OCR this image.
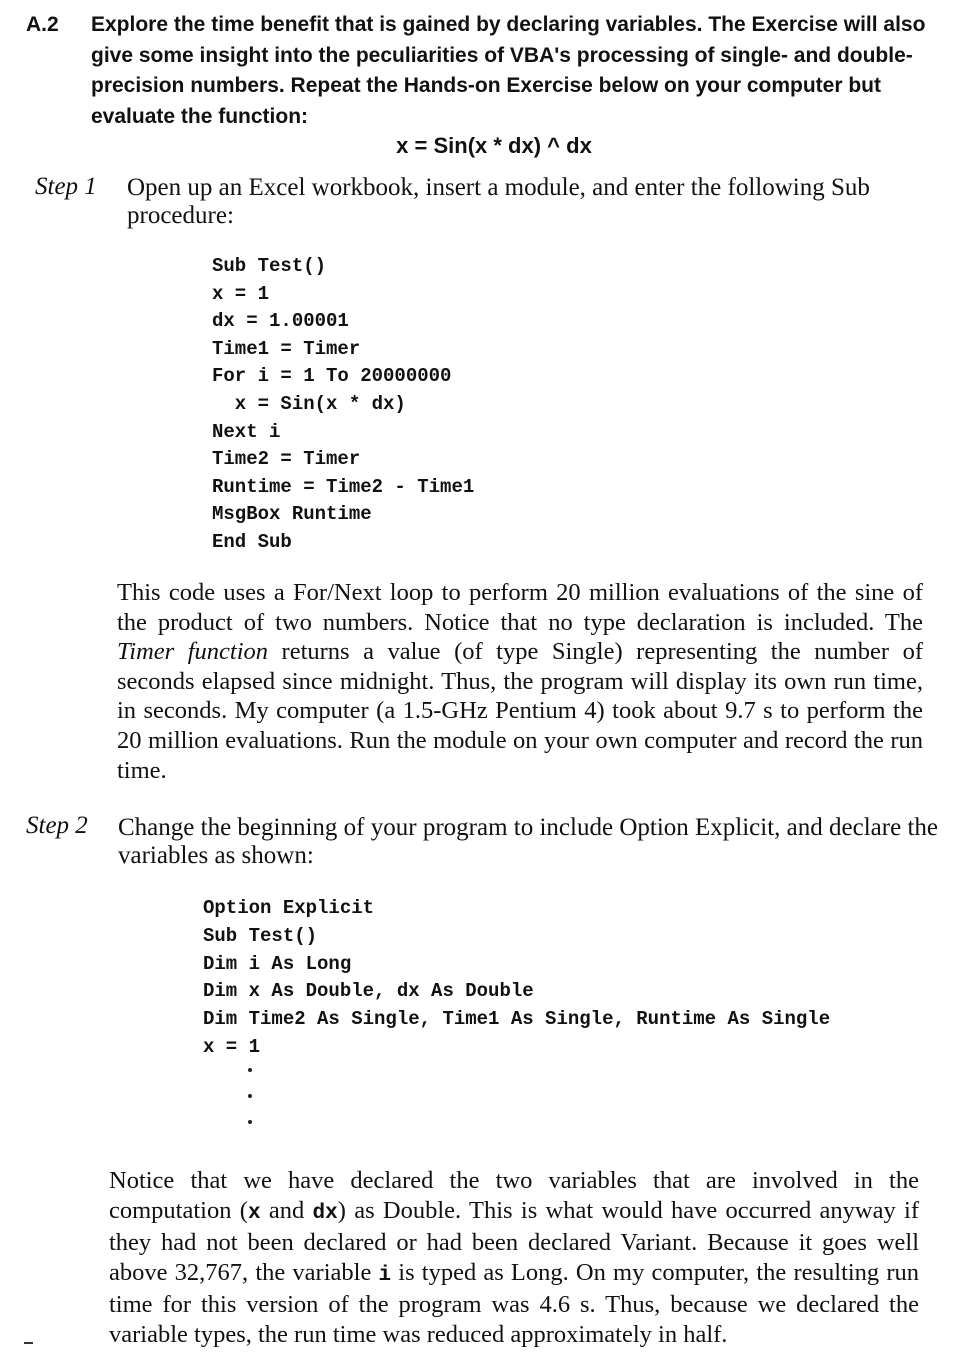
A.2 Explore the time benefit that is gained by declaring variables. The Exercise will also give some insight into the peculiarities of VBA's processing of single- and double-precision numbers. Repeat the Hands-on Exercise below on your computer but evaluate the function:

x = Sin(x * dx) ^ dx

Step 1 Open up an Excel workbook, insert a module, and enter the following Sub procedure:

Sub Test()
x = 1
dx = 1.00001
Time1 = Timer
For i = 1 To 20000000
x = Sin(x * dx)
Next i
Time2 = Timer
Runtime = Time2 - Time1
MsgBox Runtime
End Sub

This code uses a For/Next loop to perform 20 million evaluations of the sine of the product of two numbers. Notice that no type declaration is included. The Timer function returns a value (of type Single) representing the number of seconds elapsed since midnight. Thus, the program will display its own run time, in seconds. My computer (a 1.5-GHz Pentium 4) took about 9.7 s to perform the 20 million evaluations. Run the module on your own computer and record the run time.

Step 2 Change the beginning of your program to include Option Explicit, and declare the variables as shown:

Option Explicit
Sub Test()
Dim i As Long
Dim x As Double, dx As Double
Dim Time2 As Single, Time1 As Single, Runtime As Single
x = 1

Notice that we have declared the two variables that are involved in the computation (x and dx) as Double. This is what would have occurred anyway if they had not been declared or had been declared Variant. Because it goes well above 32,767, the variable i is typed as Long. On my computer, the resulting run time for this version of the program was 4.6 s. Thus, because we declared the variable types, the run time was reduced approximately in half.
